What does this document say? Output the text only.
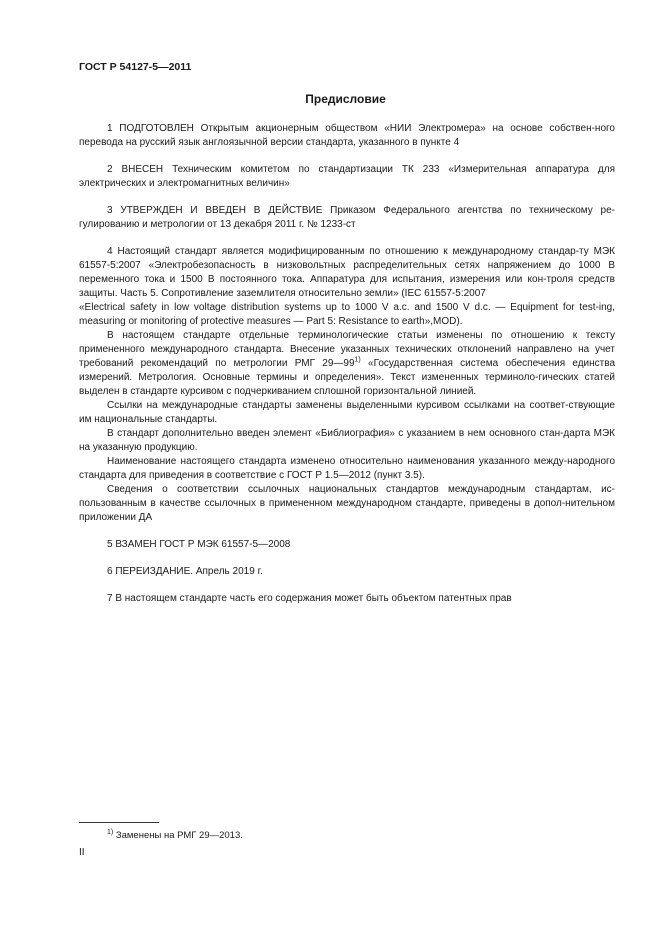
ГОСТ Р 54127-5—2011
Предисловие

1 ПОДГОТОВЛЕН Открытым акционерным обществом «НИИ Электромера» на основе собствен-ного перевода на русский язык англоязычной версии стандарта, указанного в пункте 4

2 ВНЕСЕН Техническим комитетом по стандартизации ТК 233 «Измерительная аппаратура для электрических и электромагнитных величин»

3 УТВЕРЖДЕН И ВВЕДЕН В ДЕЙСТВИЕ Приказом Федерального агентства по техническому ре-гулированию и метрологии от 13 декабря 2011 г. № 1233-ст

4 Настоящий стандарт является модифицированным по отношению к международному стандар-ту МЭК 61557-5:2007 «Электробезопасность в низковольтных распределительных сетях напряжением до 1000 В переменного тока и 1500 В постоянного тока. Аппаратура для испытания, измерения или кон-троля средств защиты. Часть 5. Сопротивление заземлителя относительно земли» (IEC 61557-5:2007

«Electrical safety in low voltage distribution systems up to 1000 V a.c. and 1500 V d.c. — Equipment for test-ing, measuring or monitoring of protective measures — Part 5: Resistance to earth»,MOD).

В настоящем стандарте отдельные терминологические статьи изменены по отношению к тексту примененного международного стандарта. Внесение указанных технических отклонений направлено на учет требований рекомендаций по метрологии РМГ 29—99$^{1)}$ «Государственная система обеспечения единства измерений. Метрология. Основные термины и определения». Текст измененных терминоло-гических статей выделен в стандарте курсивом с подчеркиванием сплошной горизонтальной линией.

Ссылки на международные стандарты заменены выделенными курсивом ссылками на соответ-ствующие им национальные стандарты.

В стандарт дополнительно введен элемент «Библиография» с указанием в нем основного стан-дарта МЭК на указанную продукцию.

Наименование настоящего стандарта изменено относительно наименования указанного между-народного стандарта для приведения в соответствие с ГОСТ Р 1.5—2012 (пункт 3.5).

Сведения о соответствии ссылочных национальных стандартов международным стандартам, ис-пользованным в качестве ссылочных в примененном международном стандарте, приведены в допол-нительном приложении ДА

5 ВЗАМЕН ГОСТ Р МЭК 61557-5—2008

6 ПЕРЕИЗДАНИЕ. Апрель 2019 г.

7 В настоящем стандарте часть его содержания может быть объектом патентных прав

$^{1)}$ Заменены на РМГ 29—2013.
II
